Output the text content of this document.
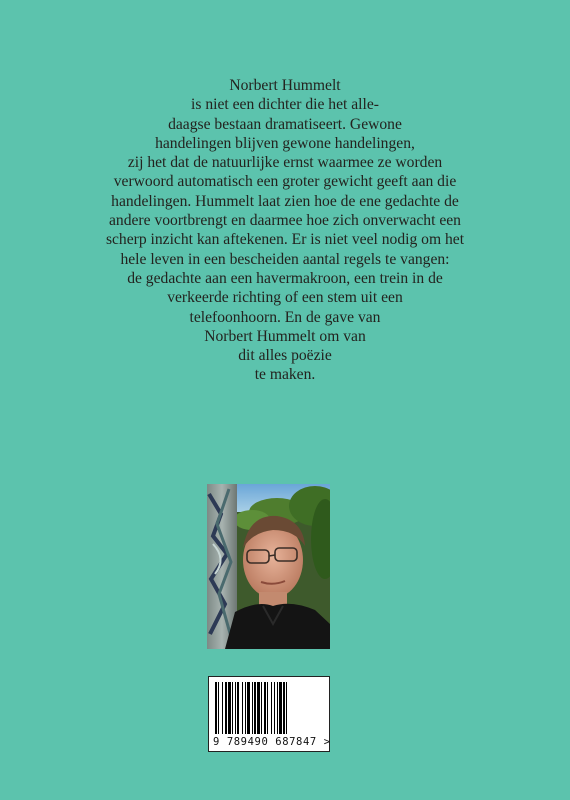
Norbert Hummelt
is niet een dichter die het alle-
daagse bestaan dramatiseert. Gewone
handelingen blijven gewone handelingen,
zij het dat de natuurlijke ernst waarmee ze worden
verwoord automatisch een groter gewicht geeft aan die
handelingen. Hummelt laat zien hoe de ene gedachte de
andere voortbrengt en daarmee hoe zich onverwacht een
scherp inzicht kan aftekenen. Er is niet veel nodig om het
hele leven in een bescheiden aantal regels te vangen:
de gedachte aan een havermakroon, een trein in de
verkeerde richting of een stem uit een
telefoonhoorn. En de gave van
Norbert Hummelt om van
dit alles poëzie
te maken.
9 789490 687847 >
